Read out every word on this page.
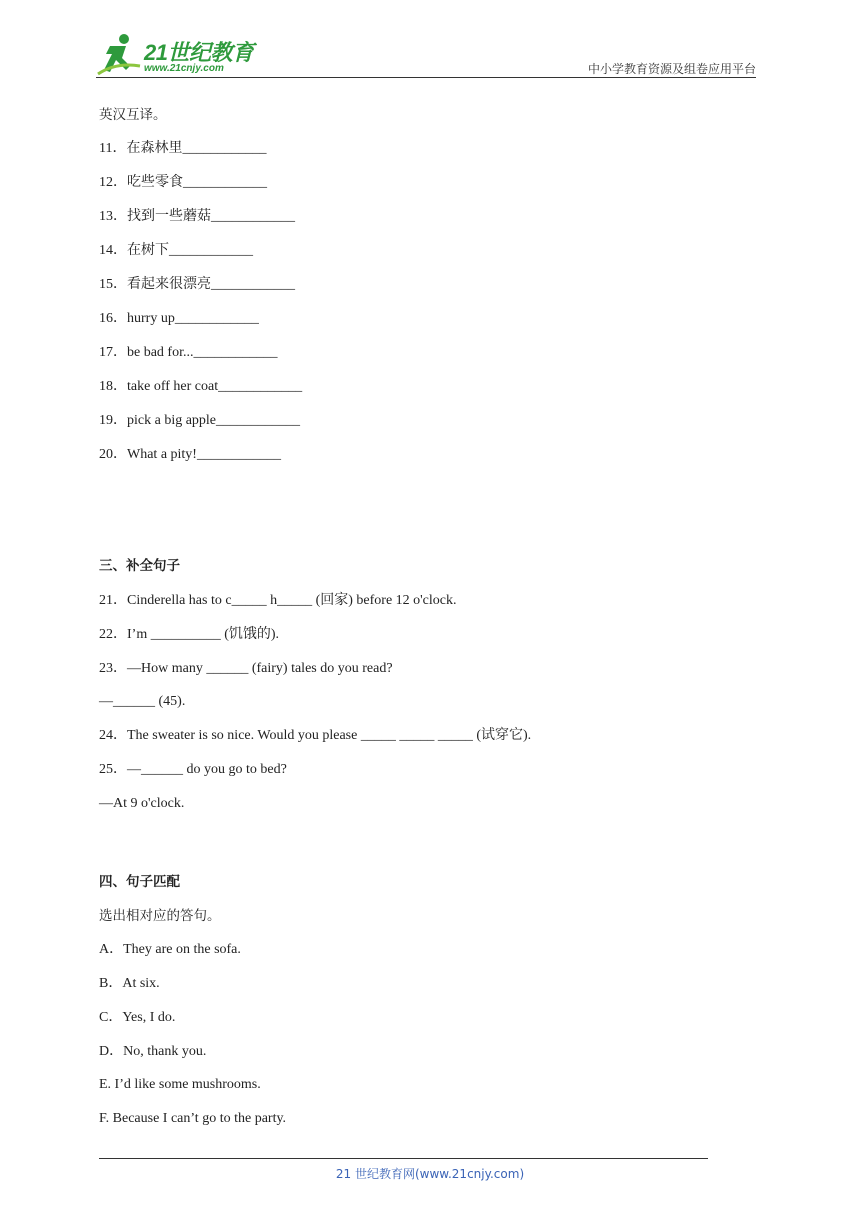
21世纪教育
www.21cnjy.com	中小学教育资源及组卷应用平台
英汉互译。
11．在森林里____________
12．吃些零食____________
13．找到一些蘑菇____________
14．在树下____________
15．看起来很漂亮____________
16．hurry up____________
17．be bad for...____________
18．take off her coat____________
19．pick a big apple____________
20．What a pity!____________
三、补全句子
21．Cinderella has to c_____ h_____ (回家) before 12 o'clock.
22．I’m __________ (饥饿的).
23．—How many ______ (fairy) tales do you read?
—______ (45).
24．The sweater is so nice. Would you please _____ _____ _____ (试穿它).
25．—______ do you go to bed?
—At 9 o'clock.
四、句子匹配
选出相对应的答句。
A．They are on the sofa.
B．At six.
C．Yes, I do.
D．No, thank you.
E. I’d like some mushrooms.
F. Because I can’t go to the party.
21 世纪教育网(www.21cnjy.com)
